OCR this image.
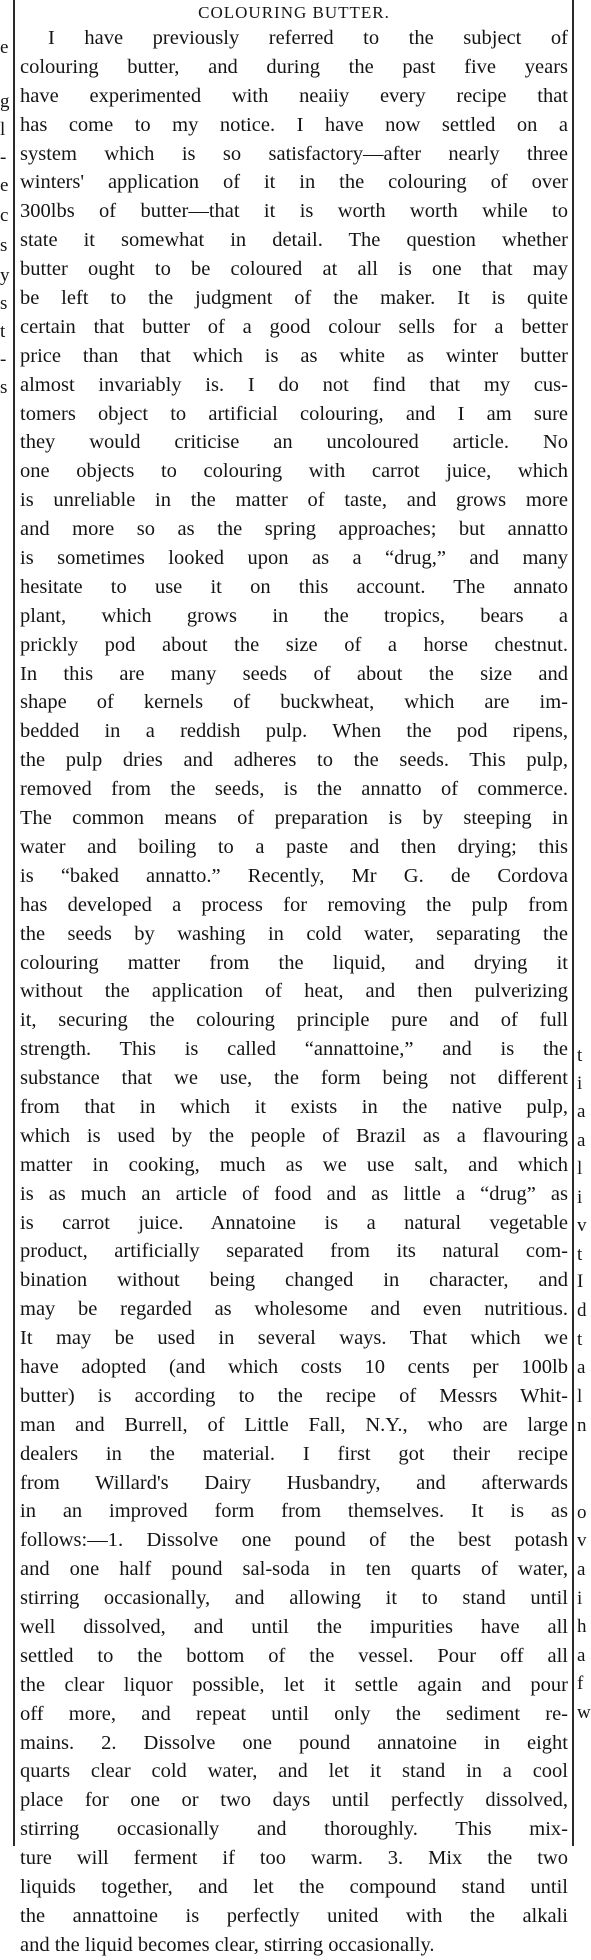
e
g
l
-
e
c
s
y
s
t
-
s
COLOURING BUTTER.
I have previously referred to the subject of
colouring butter, and during the past five years
have experimented with neaiiy every recipe that
has come to my notice. I have now settled on a
system which is so satisfactory—after nearly three
winters' application of it in the colouring of over
300lbs of butter—that it is worth worth while to
state it somewhat in detail. The question whether
butter ought to be coloured at all is one that may
be left to the judgment of the maker. It is quite
certain that butter of a good colour sells for a better
price than that which is as white as winter butter
almost invariably is. I do not find that my cus-
tomers object to artificial colouring, and I am sure
they would criticise an uncoloured article. No
one objects to colouring with carrot juice, which
is unreliable in the matter of taste, and grows more
and more so as the spring approaches; but annatto
is sometimes looked upon as a “drug,” and many
hesitate to use it on this account. The annato
plant, which grows in the tropics, bears a
prickly pod about the size of a horse chestnut.
In this are many seeds of about the size and
shape of kernels of buckwheat, which are im-
bedded in a reddish pulp. When the pod ripens,
the pulp dries and adheres to the seeds. This pulp,
removed from the seeds, is the annatto of commerce.
The common means of preparation is by steeping in
water and boiling to a paste and then drying; this
is “baked annatto.” Recently, Mr G. de Cordova
has developed a process for removing the pulp from
the seeds by washing in cold water, separating the
colouring matter from the liquid, and drying it
without the application of heat, and then pulverizing
it, securing the colouring principle pure and of full
strength. This is called “annattoine,” and is the
substance that we use, the form being not different
from that in which it exists in the native pulp,
which is used by the people of Brazil as a flavouring
matter in cooking, much as we use salt, and which
is as much an article of food and as little a “drug” as
is carrot juice. Annatoine is a natural vegetable
product, artificially separated from its natural com-
bination without being changed in character, and
may be regarded as wholesome and even nutritious.
It may be used in several ways. That which we
have adopted (and which costs 10 cents per 100lb
butter) is according to the recipe of Messrs Whit-
man and Burrell, of Little Fall, N.Y., who are large
dealers in the material. I first got their recipe
from Willard's Dairy Husbandry, and afterwards
in an improved form from themselves. It is as
follows:—1. Dissolve one pound of the best potash
and one half pound sal-soda in ten quarts of water,
stirring occasionally, and allowing it to stand until
well dissolved, and until the impurities have all
settled to the bottom of the vessel. Pour off all
the clear liquor possible, let it settle again and pour
off more, and repeat until only the sediment re-
mains. 2. Dissolve one pound annatoine in eight
quarts clear cold water, and let it stand in a cool
place for one or two days until perfectly dissolved,
stirring occasionally and thoroughly. This mix-
ture will ferment if too warm. 3. Mix the two
liquids together, and let the compound stand until
the annattoine is perfectly united with the alkali
and the liquid becomes clear, stirring occasionally.
t
i
a
a
l
i
v
t
I
d
t
a
l
n
o
v
a
i
h
a
f
w
